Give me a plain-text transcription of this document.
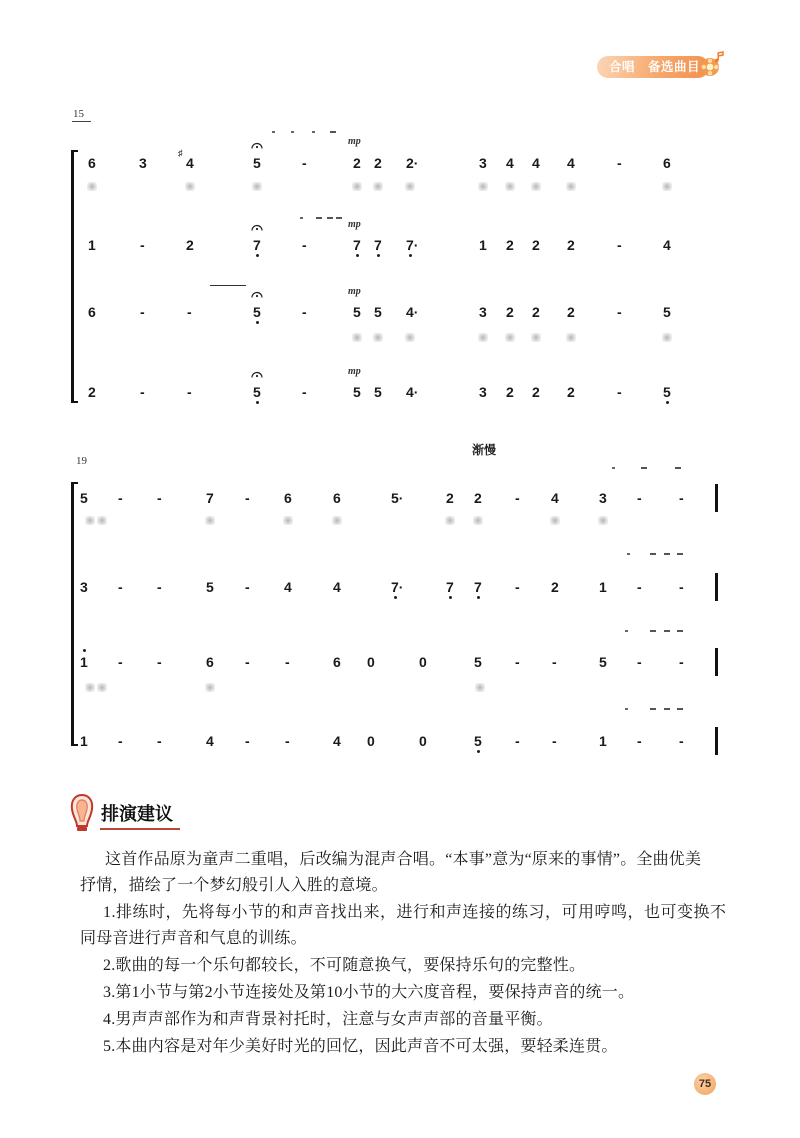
合唱　备选曲目
15
19
渐慢
mp
6	3	4
♯
5	-	2 2 2·	3 4 4 4	-	6
mp
1	-	2	7	-	7 7 7·	1 2 2 2	-	4
mp
6	-	-	5	-	5 5 4·	3 2 2 2	-	5
mp
2	-	-	5	-	5 5 4·	3 2 2 2	-	5
5 - -	7 - 6	6	5·	2 2 - 4	3 -	-
3 - -	5 - 4	4	7·	7 7 - 2	1 -	-
1 - -	6 -	-	6 0	0	5 - -	5 -	-
1 - -	4 -	-	4 0	0	5 - -	1 -	-
排演建议
这首作品原为童声二重唱，后改编为混声合唱。“本事”意为“原来的事情”。全曲优美
抒情，描绘了一个梦幻般引人入胜的意境。
1.排练时，先将每小节的和声音找出来，进行和声连接的练习，可用哼鸣，也可变换不
同母音进行声音和气息的训练。
2.歌曲的每一个乐句都较长，不可随意换气，要保持乐句的完整性。
3.第1小节与第2小节连接处及第10小节的大六度音程，要保持声音的统一。
4.男声声部作为和声背景衬托时，注意与女声声部的音量平衡。
5.本曲内容是对年少美好时光的回忆，因此声音不可太强，要轻柔连贯。
75
